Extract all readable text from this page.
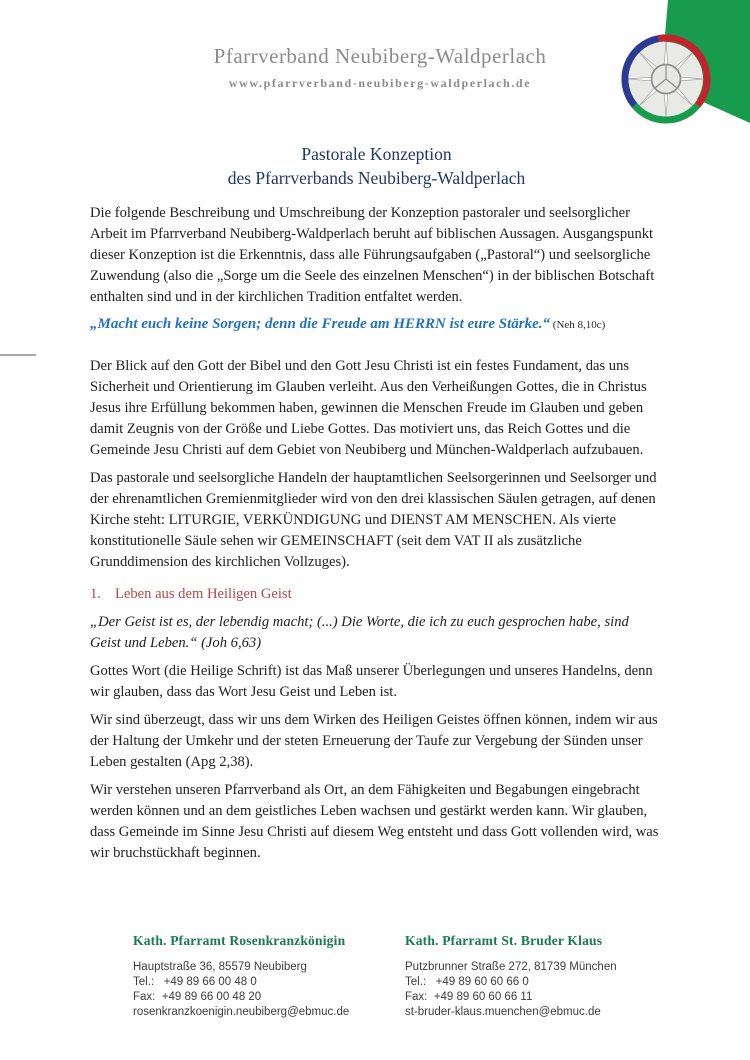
Pfarrverband Neubiberg-Waldperlach
www.pfarrverband-neubiberg-waldperlach.de
Pastorale Konzeption
des Pfarrverbands Neubiberg-Waldperlach

Die folgende Beschreibung und Umschreibung der Konzeption pastoraler und seelsorglicher Arbeit im Pfarrverband Neubiberg-Waldperlach beruht auf biblischen Aussagen. Ausgangspunkt dieser Konzeption ist die Erkenntnis, dass alle Führungsaufgaben („Pastoral“) und seelsorgliche Zuwendung (also die „Sorge um die Seele des einzelnen Menschen“) in der biblischen Botschaft enthalten sind und in der kirchlichen Tradition entfaltet werden.

„Macht euch keine Sorgen; denn die Freude am HERRN ist eure Stärke.“ (Neh 8,10c)

Der Blick auf den Gott der Bibel und den Gott Jesu Christi ist ein festes Fundament, das uns Sicherheit und Orientierung im Glauben verleiht. Aus den Verheißungen Gottes, die in Christus Jesus ihre Erfüllung bekommen haben, gewinnen die Menschen Freude im Glauben und geben damit Zeugnis von der Größe und Liebe Gottes. Das motiviert uns, das Reich Gottes und die Gemeinde Jesu Christi auf dem Gebiet von Neubiberg und München-Waldperlach aufzubauen.

Das pastorale und seelsorgliche Handeln der hauptamtlichen Seelsorgerinnen und Seelsorger und der ehrenamtlichen Gremienmitglieder wird von den drei klassischen Säulen getragen, auf denen Kirche steht: LITURGIE, VERKÜNDIGUNG und DIENST AM MENSCHEN. Als vierte konstitutionelle Säule sehen wir GEMEINSCHAFT (seit dem VAT II als zusätzliche Grunddimension des kirchlichen Vollzuges).

1. Leben aus dem Heiligen Geist

„Der Geist ist es, der lebendig macht; (...) Die Worte, die ich zu euch gesprochen habe, sind Geist und Leben.“ (Joh 6,63)

Gottes Wort (die Heilige Schrift) ist das Maß unserer Überlegungen und unseres Handelns, denn wir glauben, dass das Wort Jesu Geist und Leben ist.

Wir sind überzeugt, dass wir uns dem Wirken des Heiligen Geistes öffnen können, indem wir aus der Haltung der Umkehr und der steten Erneuerung der Taufe zur Vergebung der Sünden unser Leben gestalten (Apg 2,38).

Wir verstehen unseren Pfarrverband als Ort, an dem Fähigkeiten und Begabungen eingebracht werden können und an dem geistliches Leben wachsen und gestärkt werden kann. Wir glauben, dass Gemeinde im Sinne Jesu Christi auf diesem Weg entsteht und dass Gott vollenden wird, was wir bruchstückhaft beginnen.

Kath. Pfarramt Rosenkranzkönigin
Hauptstraße 36, 85579 Neubiberg
Tel.:   +49 89 66 00 48 0
Fax:  +49 89 66 00 48 20
rosenkranzkoenigin.neubiberg@ebmuc.de
Kath. Pfarramt St. Bruder Klaus
Putzbrunner Straße 272, 81739 München
Tel.:   +49 89 60 60 66 0
Fax:  +49 89 60 60 66 11
st-bruder-klaus.muenchen@ebmuc.de
